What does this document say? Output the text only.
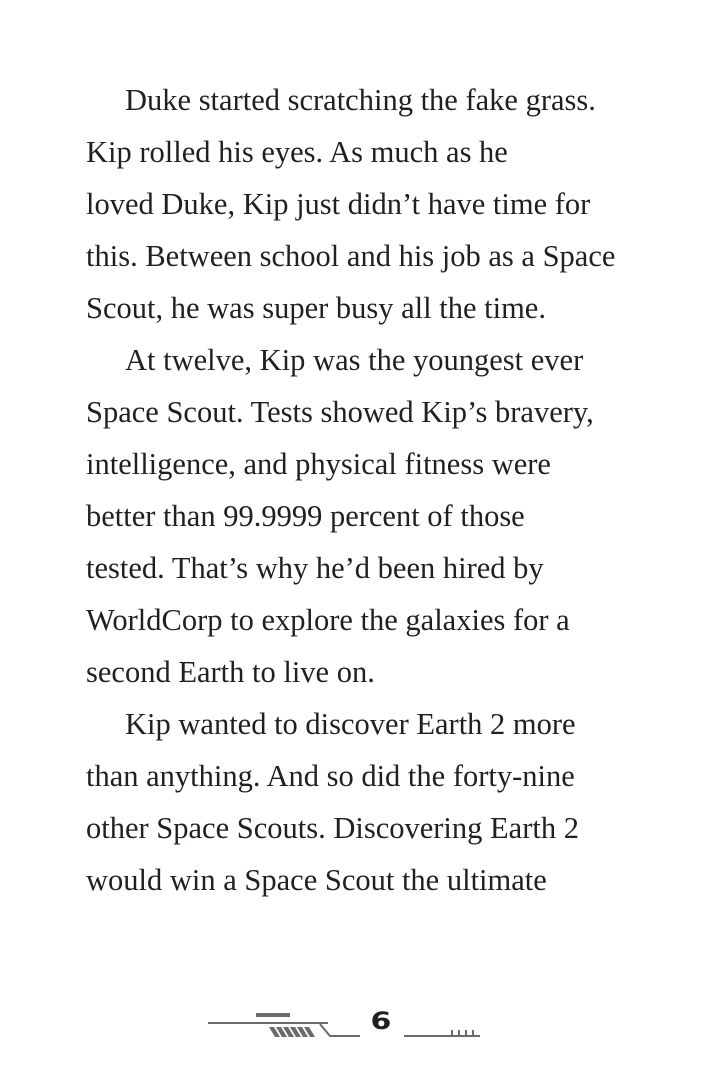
Duke started scratching the fake grass.
Kip rolled his eyes. As much as he
loved Duke, Kip just didn’t have time for
this. Between school and his job as a Space
Scout, he was super busy all the time.
At twelve, Kip was the youngest ever
Space Scout. Tests showed Kip’s bravery,
intelligence, and physical fitness were
better than 99.9999 percent of those
tested. That’s why he’d been hired by
WorldCorp to explore the galaxies for a
second Earth to live on.
Kip wanted to discover Earth 2 more
than anything. And so did the forty-nine
other Space Scouts. Discovering Earth 2
would win a Space Scout the ultimate
6
